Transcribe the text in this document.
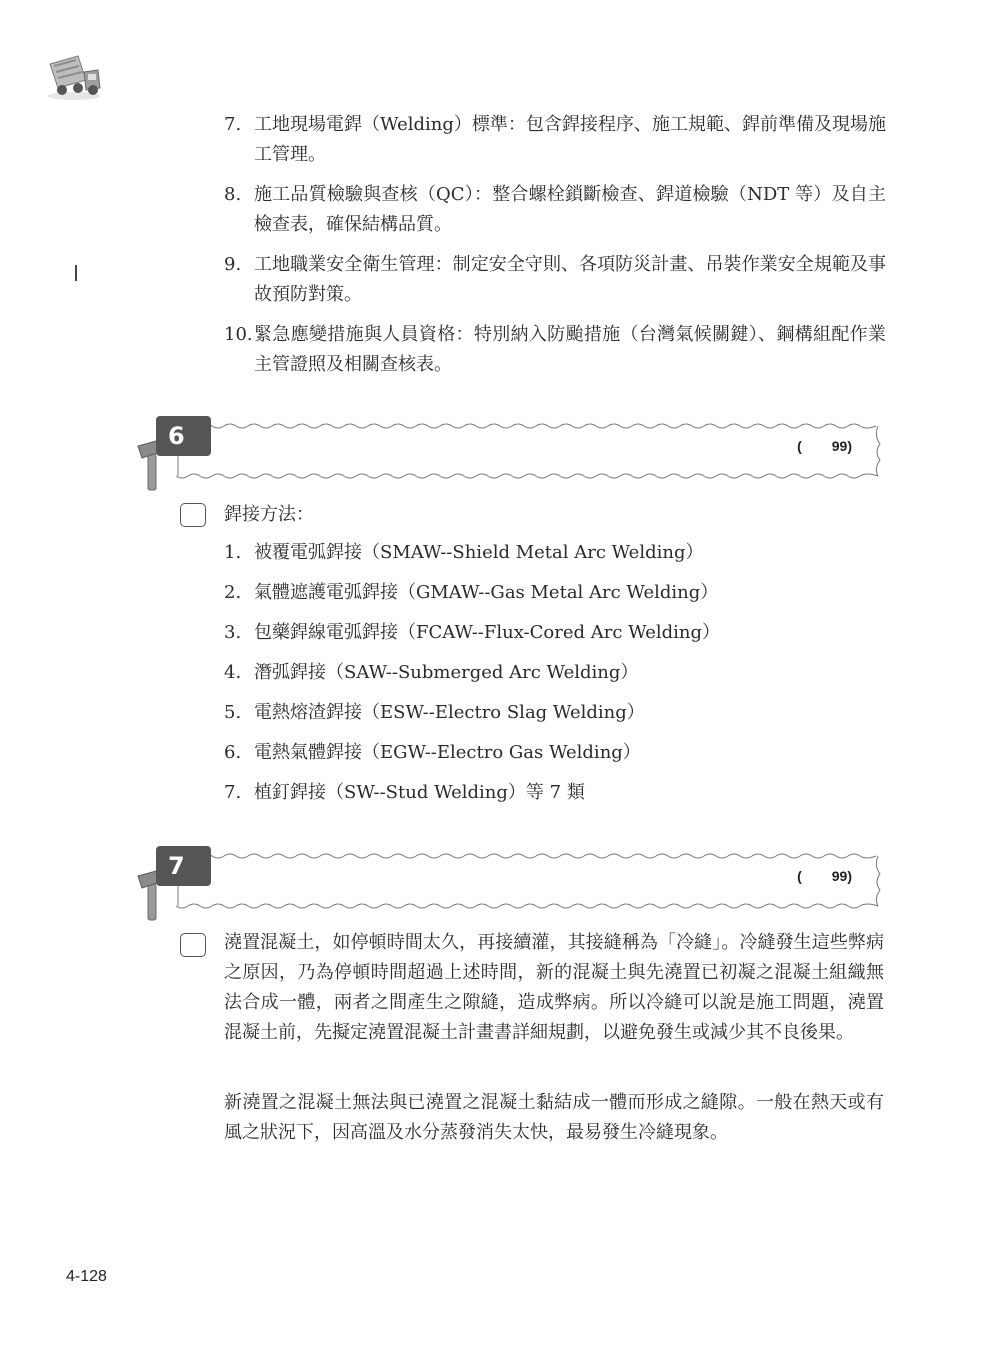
7. 工地現場電銲（Welding）標準：包含銲接程序、施工規範、銲前準備及現場施工管理。
8. 施工品質檢驗與查核（QC）：整合螺栓鎖斷檢查、銲道檢驗（NDT 等）及自主檢查表，確保結構品質。
9. 工地職業安全衛生管理：制定安全守則、各項防災計畫、吊裝作業安全規範及事故預防對策。
10. 緊急應變措施與人員資格：特別納入防颱措施（台灣氣候關鍵）、鋼構組配作業主管證照及相關查核表。
6	( 99)
銲接方法：
1. 被覆電弧銲接（SMAW--Shield Metal Arc Welding）
2. 氣體遮護電弧銲接（GMAW--Gas Metal Arc Welding）
3. 包藥銲線電弧銲接（FCAW--Flux-Cored Arc Welding）
4. 潛弧銲接（SAW--Submerged Arc Welding）
5. 電熱熔渣銲接（ESW--Electro Slag Welding）
6. 電熱氣體銲接（EGW--Electro Gas Welding）
7. 植釘銲接（SW--Stud Welding）等 7 類
7	( 99)

澆置混凝土，如停頓時間太久，再接續灌，其接縫稱為「冷縫」。冷縫發生這些弊病之原因，乃為停頓時間超過上述時間，新的混凝土與先澆置已初凝之混凝土組織無法合成一體，兩者之間產生之隙縫，造成弊病。所以冷縫可以說是施工問題，澆置混凝土前，先擬定澆置混凝土計畫書詳細規劃，以避免發生或減少其不良後果。

新澆置之混凝土無法與已澆置之混凝土黏結成一體而形成之縫隙。一般在熱天或有風之狀況下，因高溫及水分蒸發消失太快，最易發生冷縫現象。

4-128
